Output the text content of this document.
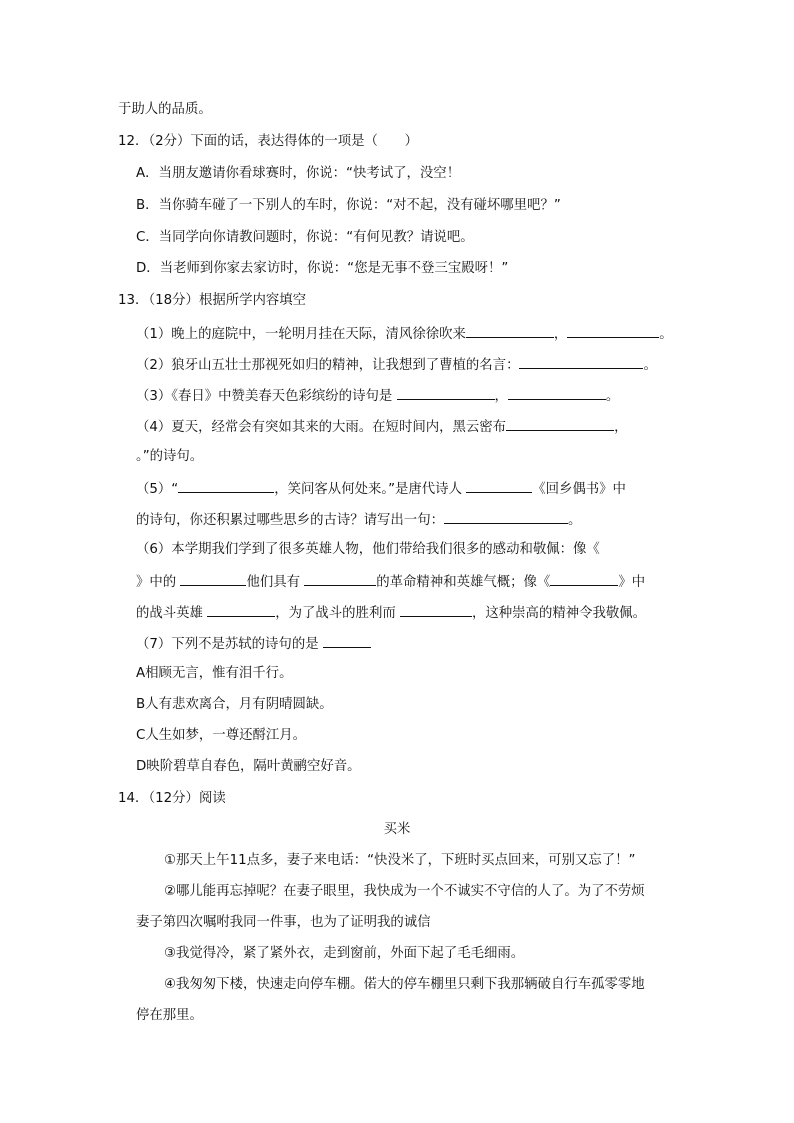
于助人的品质。
12．（2分）下面的话，表达得体的一项是（　　）
A．当朋友邀请你看球赛时，你说：“快考试了，没空！
B．当你骑车碰了一下别人的车时，你说：“对不起，没有碰坏哪里吧？”
C．当同学向你请教问题时，你说：“有何见教？请说吧。
D．当老师到你家去家访时，你说：“您是无事不登三宝殿呀！”
13．（18分）根据所学内容填空
（1）晚上的庭院中，一轮明月挂在天际，清风徐徐吹来	，	。
（2）狼牙山五壮士那视死如归的精神，让我想到了曹植的名言：	。
（3）《春日》中赞美春天色彩缤纷的诗句是	，	。
（4）夏天，经常会有突如其来的大雨。在短时间内，黑云密布	，
。”的诗句。
（5）“	，笑问客从何处来。”是唐代诗人	《回乡偶书》中
的诗句，你还积累过哪些思乡的古诗？请写出一句：	。
（6）本学期我们学到了很多英雄人物，他们带给我们很多的感动和敬佩：像《
》中的	他们具有	的革命精神和英雄气概；像《	》中
的战斗英雄	，为了战斗的胜利而	，这种崇高的精神令我敬佩。
（7）下列不是苏轼的诗句的是
A相顾无言，惟有泪千行。
B人有悲欢离合，月有阴晴圆缺。
C人生如梦，一尊还酹江月。
D映阶碧草自春色，隔叶黄鹂空好音。
14．（12分）阅读
买米
①那天上午11点多，妻子来电话：“快没米了，下班时买点回来，可别又忘了！”
②哪儿能再忘掉呢？在妻子眼里，我快成为一个不诚实不守信的人了。为了不劳烦
妻子第四次嘱咐我同一件事，也为了证明我的诚信
③我觉得冷，紧了紧外衣，走到窗前，外面下起了毛毛细雨。
④我匆匆下楼，快速走向停车棚。偌大的停车棚里只剩下我那辆破自行车孤零零地
停在那里。
